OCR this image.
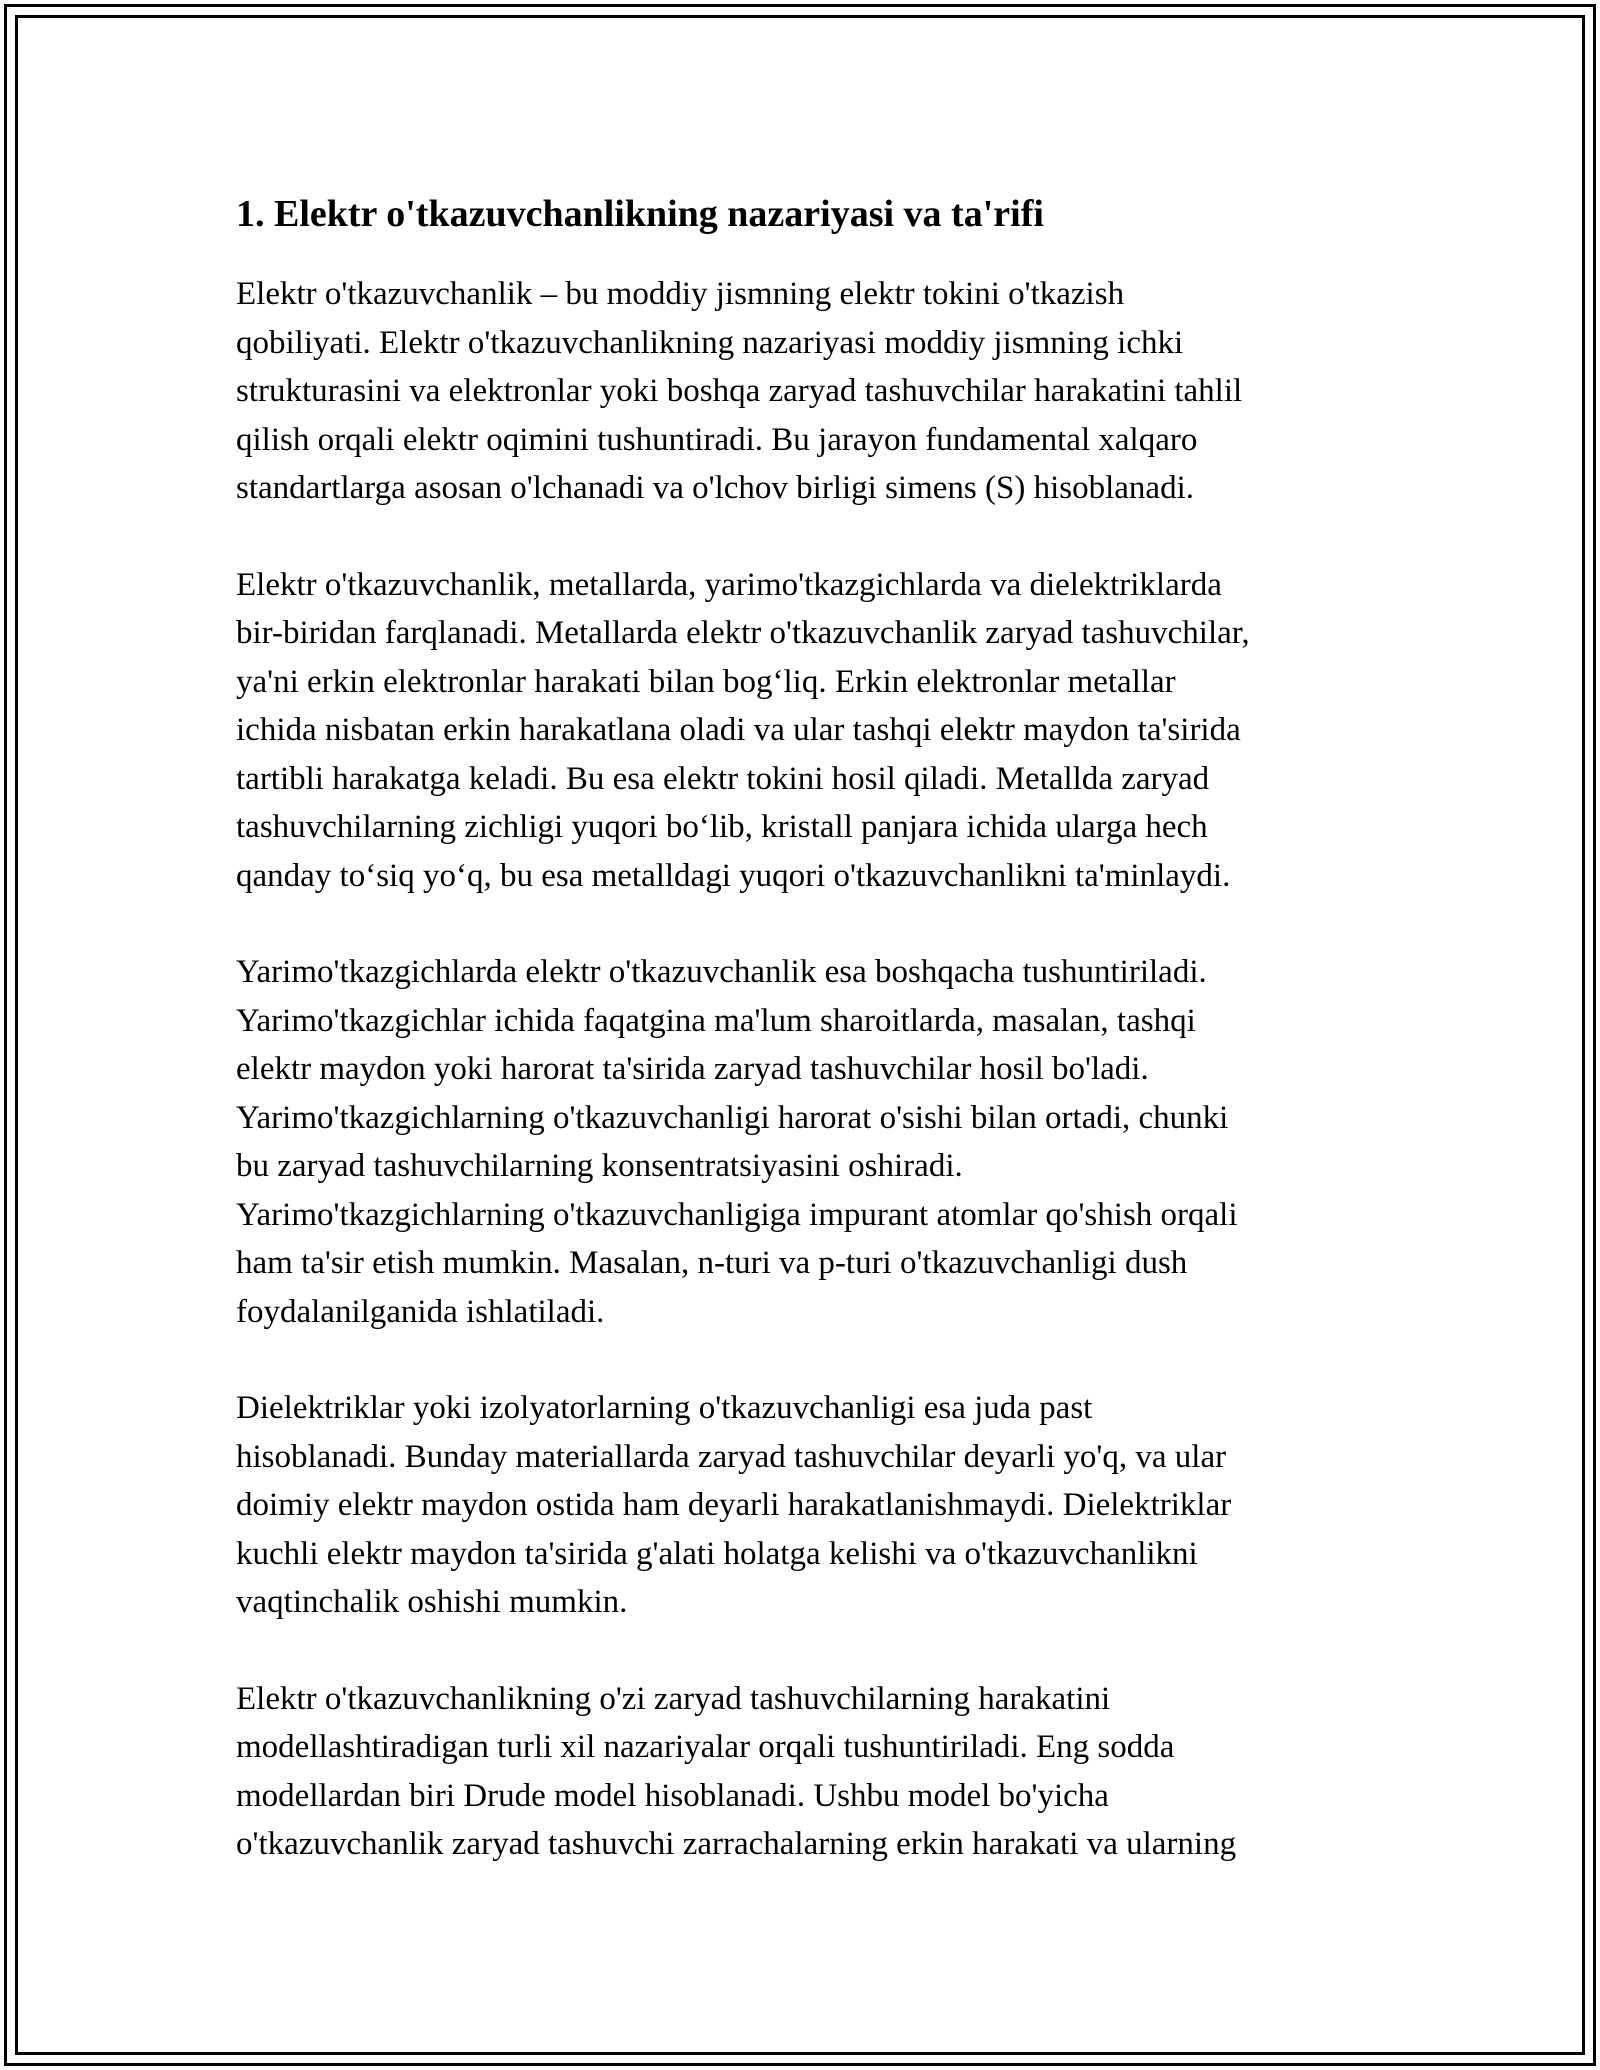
1. Elektr o'tkazuvchanlikning nazariyasi va ta'rifi

Elektr o'tkazuvchanlik – bu moddiy jismning elektr tokini o'tkazish
qobiliyati. Elektr o'tkazuvchanlikning nazariyasi moddiy jismning ichki
strukturasini va elektronlar yoki boshqa zaryad tashuvchilar harakatini tahlil
qilish orqali elektr oqimini tushuntiradi. Bu jarayon fundamental xalqaro
standartlarga asosan o'lchanadi va o'lchov birligi simens (S) hisoblanadi.

Elektr o'tkazuvchanlik, metallarda, yarimo'tkazgichlarda va dielektriklarda
bir-biridan farqlanadi. Metallarda elektr o'tkazuvchanlik zaryad tashuvchilar,
ya'ni erkin elektronlar harakati bilan bog‘liq. Erkin elektronlar metallar
ichida nisbatan erkin harakatlana oladi va ular tashqi elektr maydon ta'sirida
tartibli harakatga keladi. Bu esa elektr tokini hosil qiladi. Metallda zaryad
tashuvchilarning zichligi yuqori bo‘lib, kristall panjara ichida ularga hech
qanday to‘siq yo‘q, bu esa metalldagi yuqori o'tkazuvchanlikni ta'minlaydi.

Yarimo'tkazgichlarda elektr o'tkazuvchanlik esa boshqacha tushuntiriladi.
Yarimo'tkazgichlar ichida faqatgina ma'lum sharoitlarda, masalan, tashqi
elektr maydon yoki harorat ta'sirida zaryad tashuvchilar hosil bo'ladi.
Yarimo'tkazgichlarning o'tkazuvchanligi harorat o'sishi bilan ortadi, chunki
bu zaryad tashuvchilarning konsentratsiyasini oshiradi.
Yarimo'tkazgichlarning o'tkazuvchanligiga impurant atomlar qo'shish orqali
ham ta'sir etish mumkin. Masalan, n-turi va p-turi o'tkazuvchanligi dush
foydalanilganida ishlatiladi.

Dielektriklar yoki izolyatorlarning o'tkazuvchanligi esa juda past
hisoblanadi. Bunday materiallarda zaryad tashuvchilar deyarli yo'q, va ular
doimiy elektr maydon ostida ham deyarli harakatlanishmaydi. Dielektriklar
kuchli elektr maydon ta'sirida g'alati holatga kelishi va o'tkazuvchanlikni
vaqtinchalik oshishi mumkin.

Elektr o'tkazuvchanlikning o'zi zaryad tashuvchilarning harakatini
modellashtiradigan turli xil nazariyalar orqali tushuntiriladi. Eng sodda
modellardan biri Drude model hisoblanadi. Ushbu model bo'yicha
o'tkazuvchanlik zaryad tashuvchi zarrachalarning erkin harakati va ularning
